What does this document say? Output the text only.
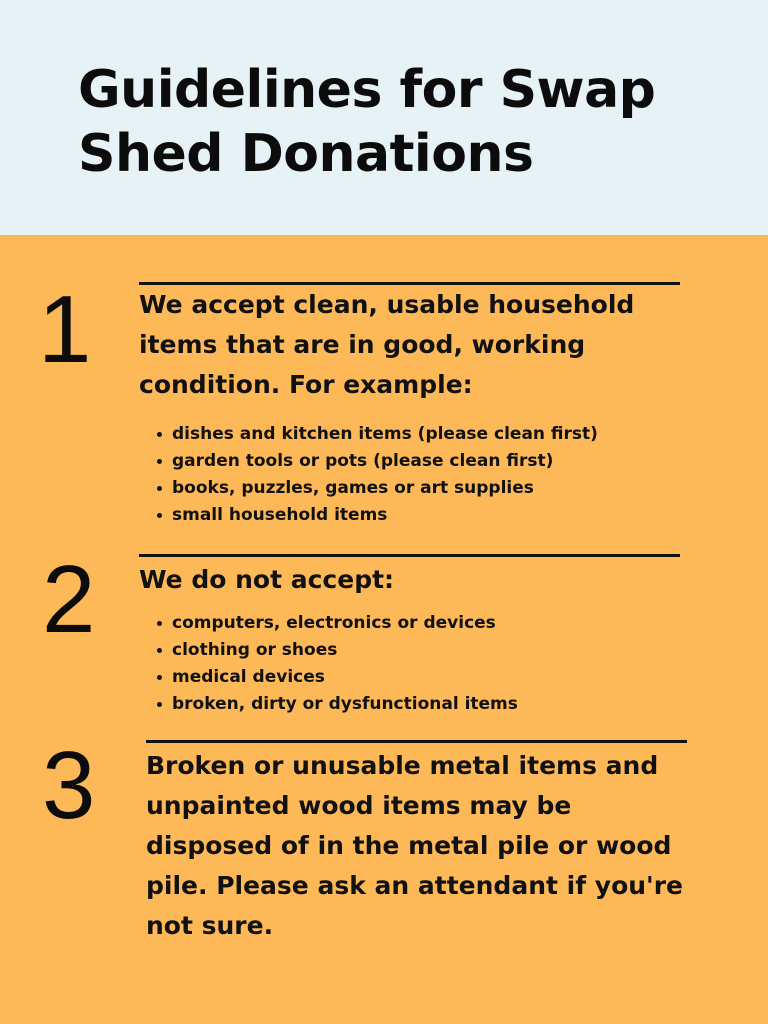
Guidelines for Swap Shed Donations
1 We accept clean, usable household items that are in good, working condition. For example:

dishes and kitchen items (please clean first)
garden tools or pots (please clean first)
books, puzzles, games or art supplies
small household items
2 We do not accept:

computers, electronics or devices
clothing or shoes
medical devices
broken, dirty or dysfunctional items
3 Broken or unusable metal items and unpainted wood items may be disposed of in the metal pile or wood pile. Please ask an attendant if you're not sure.
